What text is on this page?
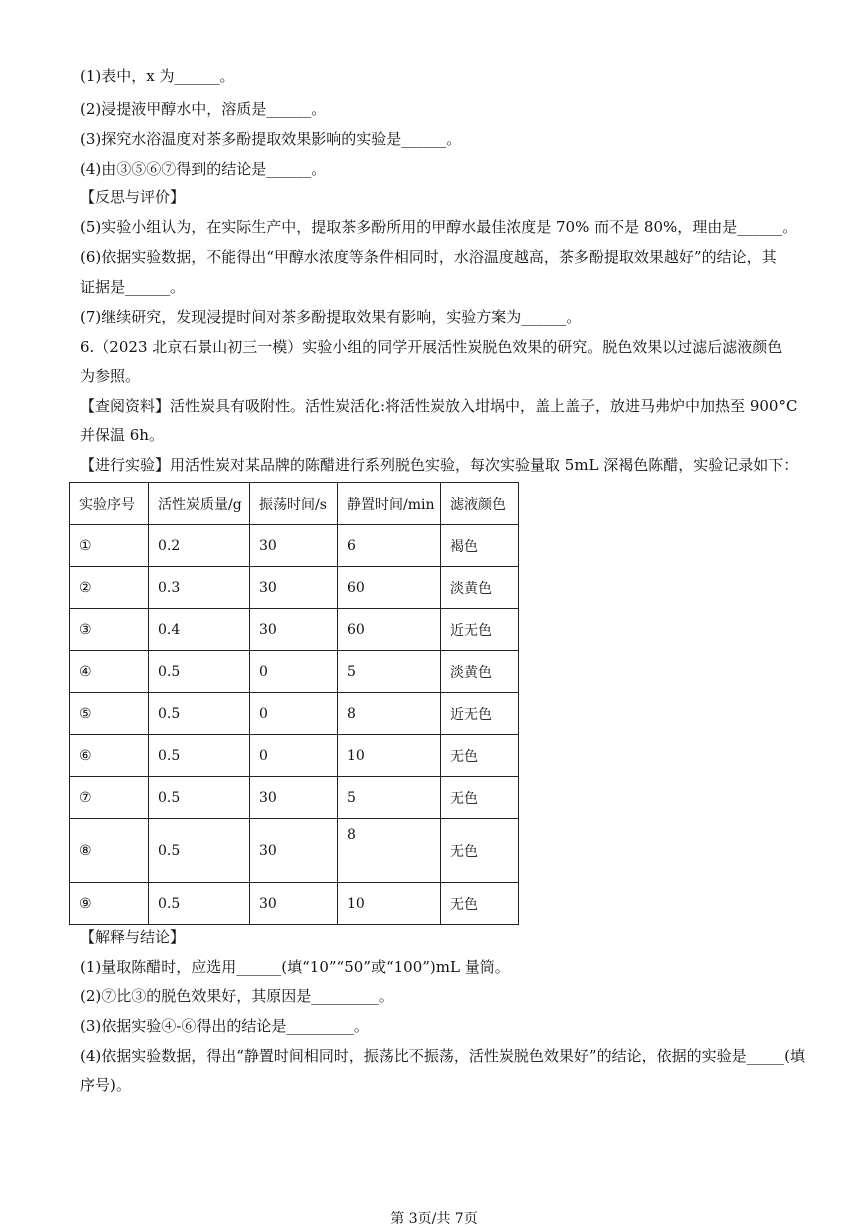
(1)表中，x 为______。
(2)浸提液甲醇水中，溶质是______。
(3)探究水浴温度对茶多酚提取效果影响的实验是______。
(4)由③⑤⑥⑦得到的结论是______。
【反思与评价】
(5)实验小组认为，在实际生产中，提取茶多酚所用的甲醇水最佳浓度是 70% 而不是 80%，理由是______。
(6)依据实验数据，不能得出“甲醇水浓度等条件相同时，水浴温度越高，茶多酚提取效果越好”的结论，其
证据是______。
(7)继续研究，发现浸提时间对茶多酚提取效果有影响，实验方案为______。
6.（2023 北京石景山初三一模）实验小组的同学开展活性炭脱色效果的研究。脱色效果以过滤后滤液颜色
为参照。
【查阅资料】活性炭具有吸附性。活性炭活化:将活性炭放入坩埚中，盖上盖子，放进马弗炉中加热至 900°C
并保温 6h。
【进行实验】用活性炭对某品牌的陈醋进行系列脱色实验，每次实验量取 5mL 深褐色陈醋，实验记录如下：
实验序号	活性炭质量/g	振荡时间/s	静置时间/min	滤液颜色
①	0.2	30	6	褐色
②	0.3	30	60	淡黄色
③	0.4	30	60	近无色
④	0.5	0	5	淡黄色
⑤	0.5	0	8	近无色
⑥	0.5	0	10	无色
⑦	0.5	30	5	无色
⑧	0.5	30	8	无色
⑨	0.5	30	10	无色
【解释与结论】
(1)量取陈醋时，应选用______(填“10”“50”或“100”)mL 量筒。
(2)⑦比③的脱色效果好，其原因是_________。
(3)依据实验④-⑥得出的结论是_________。
(4)依据实验数据，得出“静置时间相同时，振荡比不振荡，活性炭脱色效果好”的结论，依据的实验是_____(填
序号)。
第 3页/共 7页
